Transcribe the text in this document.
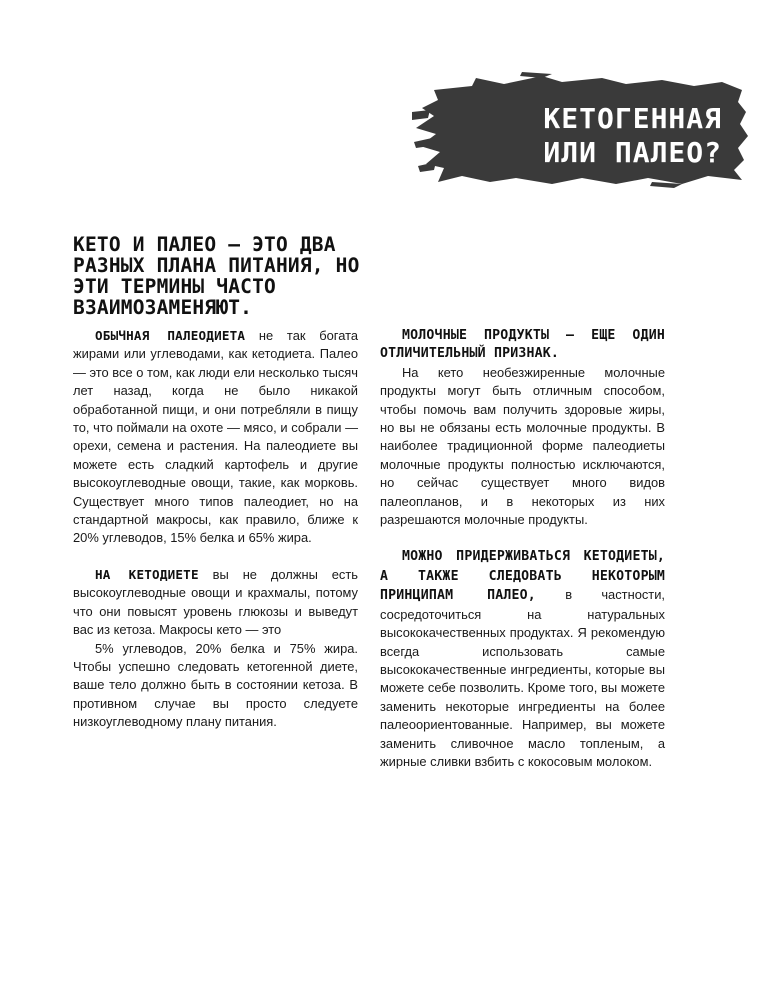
КЕТОГЕННАЯ
ИЛИ ПАЛЕО?
КЕТО И ПАЛЕО — ЭТО ДВА РАЗНЫХ ПЛАНА ПИТАНИЯ, НО ЭТИ ТЕРМИНЫ ЧАСТО ВЗАИМОЗАМЕНЯЮТ.

ОБЫЧНАЯ ПАЛЕОДИЕТА не так богата жирами или углеводами, как кетодиета. Палео — это все о том, как люди ели несколько тысяч лет назад, когда не было никакой обработанной пищи, и они потребляли в пищу то, что поймали на охоте — мясо, и собрали — орехи, семена и растения. На палеодиете вы можете есть сладкий картофель и другие высокоуглеводные овощи, такие, как морковь. Существует много типов палеодиет, но на стандартной макросы, как правило, ближе к 20% углеводов, 15% белка и 65% жира.

НА КЕТОДИЕТЕ вы не должны есть высокоуглеводные овощи и крахмалы, потому что они повысят уровень глюкозы и выведут вас из кетоза. Макросы кето — это

5% углеводов, 20% белка и 75% жира. Чтобы успешно следовать кетогенной диете, ваше тело должно быть в состоянии кетоза. В противном случае вы просто следуете низкоуглеводному плану питания.

МОЛОЧНЫЕ ПРОДУКТЫ — ЕЩЕ ОДИН ОТЛИЧИТЕЛЬНЫЙ ПРИЗНАК.

На кето необезжиренные молочные продукты могут быть отличным способом, чтобы помочь вам получить здоровые жиры, но вы не обязаны есть молочные продукты. В наиболее традиционной форме палеодиеты молочные продукты полностью исключаются, но сейчас существует много видов палеопланов, и в некоторых из них разрешаются молочные продукты.

МОЖНО ПРИДЕРЖИВАТЬСЯ КЕТОДИЕТЫ, А ТАКЖЕ СЛЕДОВАТЬ НЕКОТОРЫМ ПРИНЦИПАМ ПАЛЕО, в частности, сосредоточиться на натуральных высококачественных продуктах. Я рекомендую всегда использовать самые высококачественные ингредиенты, которые вы можете себе позволить. Кроме того, вы можете заменить некоторые ингредиенты на более палеоориентованные. Например, вы можете заменить сливочное масло топленым, а жирные сливки взбить с кокосовым молоком.
